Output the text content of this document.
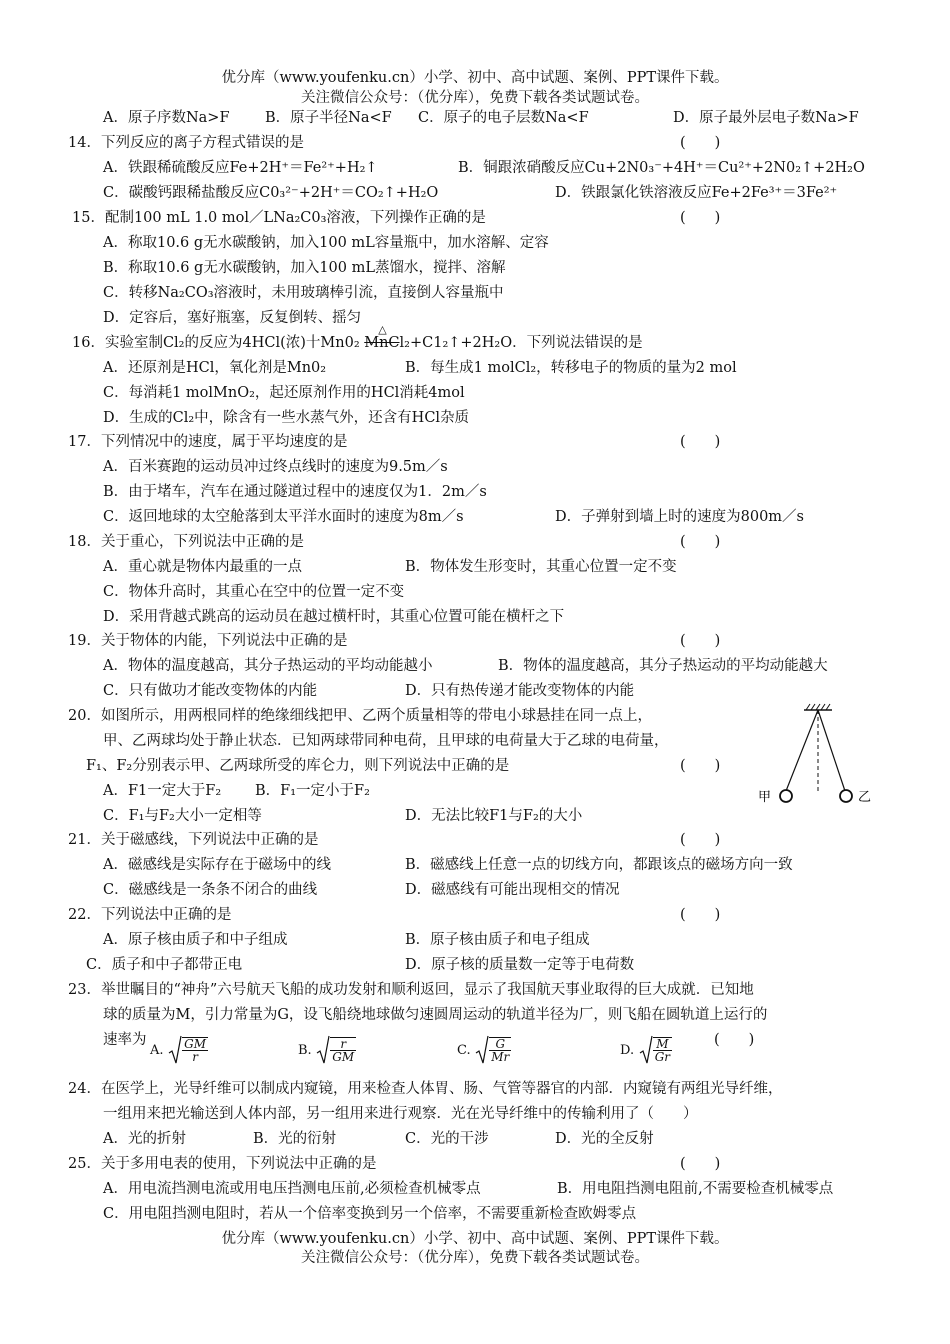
优分库（www.youfenku.cn）小学、初中、高中试题、案例、PPT课件下载。
关注微信公众号：（优分库），免费下载各类试题试卷。
A．原子序数Na>F B．原子半径Na<F C．原子的电子层数Na<F	D．原子最外层电子数Na>F
14．下列反应的离子方程式错误的是	(　　)
A．铁跟稀硫酸反应Fe+2H⁺＝Fe²⁺+H₂↑	B．铜跟浓硝酸反应Cu+2N0₃⁻+4H⁺＝Cu²⁺+2N0₂↑+2H₂O
C．碳酸钙跟稀盐酸反应C0₃²⁻+2H⁺＝CO₂↑+H₂O	D．铁跟氯化铁溶液反应Fe+2Fe³⁺＝3Fe²⁺
15．配制100 mL 1.0 mol／LNa₂C0₃溶液，下列操作正确的是	(　　)
A．称取10.6 g无水碳酸钠，加入100 mL容量瓶中，加水溶解、定容
B．称取10.6 g无水碳酸钠，加入100 mL蒸馏水，搅拌、溶解
C．转移Na₂CO₃溶液时，未用玻璃棒引流，直接倒人容量瓶中
D．定容后，塞好瓶塞，反复倒转、摇匀
16．实验室制Cl₂的反应为4HCl(浓)十Mn0₂
△
MnCl₂+C1₂↑+2H₂O．下列说法错误的是
A．还原剂是HCl，氧化剂是Mn0₂	B．每生成1 molCl₂，转移电子的物质的量为2 mol
C．每消耗1 molMnO₂，起还原剂作用的HCl消耗4mol
D．生成的Cl₂中，除含有一些水蒸气外，还含有HCl杂质
17．下列情况中的速度，属于平均速度的是	(　　)
A．百米赛跑的运动员冲过终点线时的速度为9.5m／s
B．由于堵车，汽车在通过隧道过程中的速度仅为1．2m／s
C．返回地球的太空舱落到太平洋水面时的速度为8m／s	D．子弹射到墙上时的速度为800m／s
18．关于重心，下列说法中正确的是	(　　)
A．重心就是物体内最重的一点	B．物体发生形变时，其重心位置一定不变
C．物体升高时，其重心在空中的位置一定不变
D．采用背越式跳高的运动员在越过横杆时，其重心位置可能在横杆之下
19．关于物体的内能，下列说法中正确的是	(　　)
A．物体的温度越高，其分子热运动的平均动能越小	B．物体的温度越高，其分子热运动的平均动能越大
C．只有做功才能改变物体的内能	D．只有热传递才能改变物体的内能
20．如图所示，用两根同样的绝缘细线把甲、乙两个质量相等的带电小球悬挂在同一点上，
甲、乙两球均处于静止状态．已知两球带同种电荷，且甲球的电荷量大于乙球的电荷量，
F₁、F₂分别表示甲、乙两球所受的库仑力，则下列说法中正确的是	(　　)
A．F1一定大于F₂ B．F₁一定小于F₂
C．F₁与F₂大小一定相等	D．无法比较F1与F₂的大小
甲	乙
21．关于磁感线，下列说法中正确的是	(　　)
A．磁感线是实际存在于磁场中的线	B．磁感线上任意一点的切线方向，都跟该点的磁场方向一致
C．磁感线是一条条不闭合的曲线	D．磁感线有可能出现相交的情况
22．下列说法中正确的是	(　　)
A．原子核由质子和中子组成	B．原子核由质子和电子组成
C．质子和中子都带正电	D．原子核的质量数一定等于电荷数
23．举世瞩目的“神舟”六号航天飞船的成功发射和顺利返回，显示了我国航天事业取得的巨大成就．已知地
球的质量为M，引力常量为G，设飞船绕地球做匀速圆周运动的轨道半径为厂，则飞船在圆轨道上运行的
速率为	(　　)
A. $\frac{GM}{r}$	B. $\frac{r}{GM}$	C. $\frac{G}{Mr}$	D. $\frac{M}{Gr}$
24．在医学上，光导纤维可以制成内窥镜，用来检查人体胃、肠、气管等器官的内部．内窥镜有两组光导纤维，
一组用来把光输送到人体内部，另一组用来进行观察．光在光导纤维中的传输利用了（　　）
A．光的折射	B．光的衍射	C．光的干涉	D．光的全反射
25．关于多用电表的使用，下列说法中正确的是	(　　)
A．用电流挡测电流或用电压挡测电压前,必须检查机械零点	B．用电阻挡测电阻前,不需要检查机械零点
C．用电阻挡测电阻时，若从一个倍率变换到另一个倍率，不需要重新检查欧姆零点
优分库（www.youfenku.cn）小学、初中、高中试题、案例、PPT课件下载。
关注微信公众号：（优分库），免费下载各类试题试卷。
